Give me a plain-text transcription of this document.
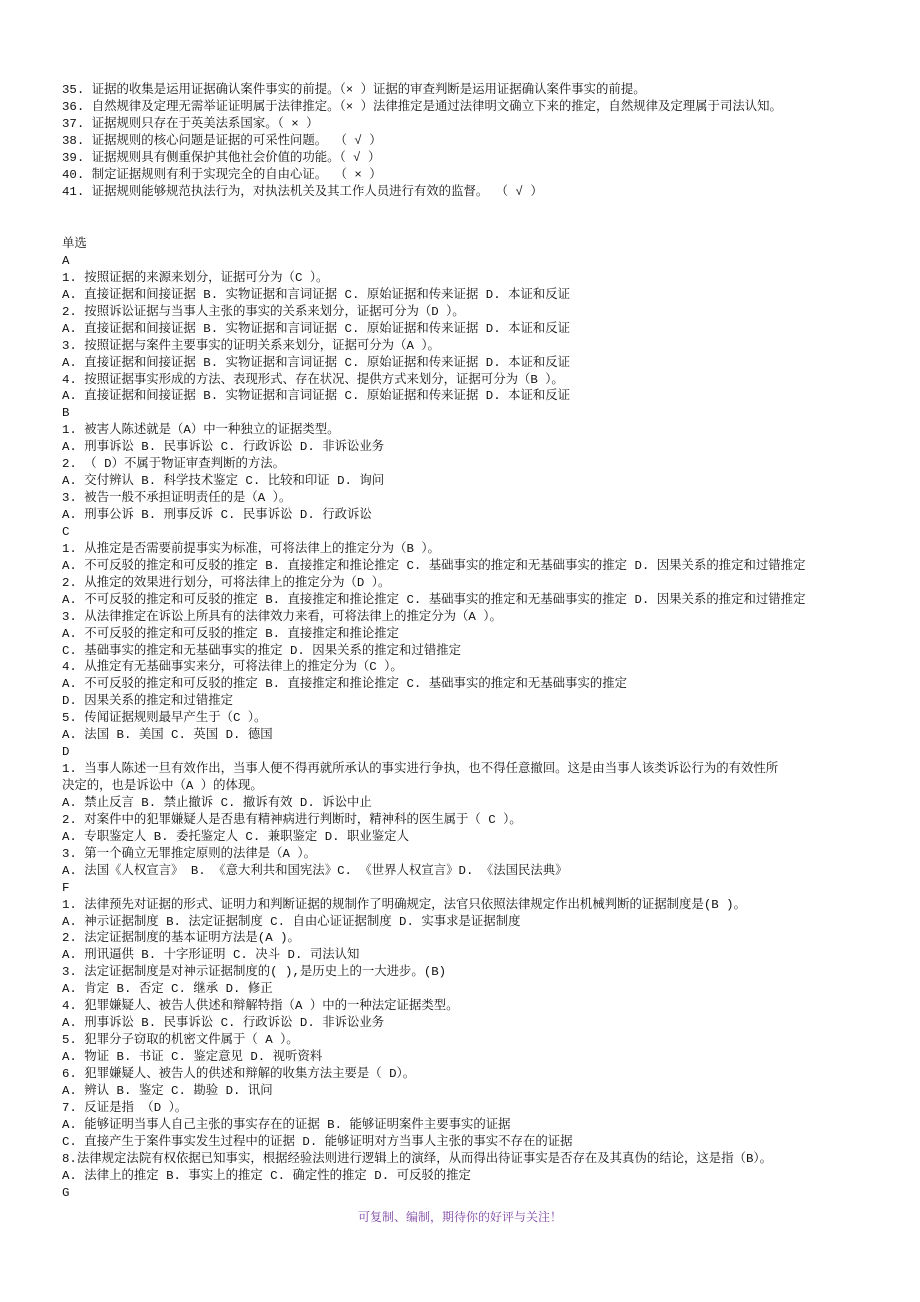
35. 证据的收集是运用证据确认案件事实的前提。（× ）证据的审查判断是运用证据确认案件事实的前提。
36. 自然规律及定理无需举证证明属于法律推定。（× ）法律推定是通过法律明文确立下来的推定，自然规律及定理属于司法认知。
37. 证据规则只存在于英美法系国家。（ × ）
38. 证据规则的核心问题是证据的可采性问题。 （ √ ）
39. 证据规则具有侧重保护其他社会价值的功能。（ √ ）
40. 制定证据规则有利于实现完全的自由心证。 （ × ）
41. 证据规则能够规范执法行为，对执法机关及其工作人员进行有效的监督。 （ √ ）
单选
A
1. 按照证据的来源来划分，证据可分为（C ）。
A. 直接证据和间接证据 B. 实物证据和言词证据 C. 原始证据和传来证据 D. 本证和反证
2. 按照诉讼证据与当事人主张的事实的关系来划分，证据可分为（D ）。
A. 直接证据和间接证据 B. 实物证据和言词证据 C. 原始证据和传来证据 D. 本证和反证
3. 按照证据与案件主要事实的证明关系来划分，证据可分为（A ）。
A. 直接证据和间接证据 B. 实物证据和言词证据 C. 原始证据和传来证据 D. 本证和反证
4. 按照证据事实形成的方法、表现形式、存在状况、提供方式来划分，证据可分为（B ）。
A. 直接证据和间接证据 B. 实物证据和言词证据 C. 原始证据和传来证据 D. 本证和反证
B
1. 被害人陈述就是（A）中一种独立的证据类型。
A. 刑事诉讼 B. 民事诉讼 C. 行政诉讼 D. 非诉讼业务
2. （ D）不属于物证审查判断的方法。
A. 交付辨认 B. 科学技术鉴定 C. 比较和印证 D. 询问
3. 被告一般不承担证明责任的是（A ）。
A. 刑事公诉 B. 刑事反诉 C. 民事诉讼 D. 行政诉讼
C
1. 从推定是否需要前提事实为标准，可将法律上的推定分为（B ）。
A. 不可反驳的推定和可反驳的推定 B. 直接推定和推论推定 C. 基础事实的推定和无基础事实的推定 D. 因果关系的推定和过错推定
2. 从推定的效果进行划分，可将法律上的推定分为（D ）。
A. 不可反驳的推定和可反驳的推定 B. 直接推定和推论推定 C. 基础事实的推定和无基础事实的推定 D. 因果关系的推定和过错推定
3. 从法律推定在诉讼上所具有的法律效力来看，可将法律上的推定分为（A ）。
A. 不可反驳的推定和可反驳的推定 B. 直接推定和推论推定
C. 基础事实的推定和无基础事实的推定 D. 因果关系的推定和过错推定
4. 从推定有无基础事实来分，可将法律上的推定分为（C ）。
A. 不可反驳的推定和可反驳的推定 B. 直接推定和推论推定 C. 基础事实的推定和无基础事实的推定
D. 因果关系的推定和过错推定
5. 传闻证据规则最早产生于（C ）。
A. 法国 B. 美国 C. 英国 D. 德国
D
1. 当事人陈述一旦有效作出，当事人便不得再就所承认的事实进行争执，也不得任意撤回。这是由当事人该类诉讼行为的有效性所
决定的，也是诉讼中（A ）的体现。
A. 禁止反言 B. 禁止撤诉 C. 撤诉有效 D. 诉讼中止
2. 对案件中的犯罪嫌疑人是否患有精神病进行判断时，精神科的医生属于（ C ）。
A. 专职鉴定人 B. 委托鉴定人 C. 兼职鉴定 D. 职业鉴定人
3. 第一个确立无罪推定原则的法律是（A ）。
A. 法国《人权宣言》 B. 《意大利共和国宪法》C. 《世界人权宣言》D. 《法国民法典》
F
1. 法律预先对证据的形式、证明力和判断证据的规制作了明确规定，法官只依照法律规定作出机械判断的证据制度是(B )。
A. 神示证据制度 B. 法定证据制度 C. 自由心证证据制度 D. 实事求是证据制度
2. 法定证据制度的基本证明方法是(A )。
A. 刑讯逼供 B. 十字形证明 C. 决斗 D. 司法认知
3. 法定证据制度是对神示证据制度的( ),是历史上的一大进步。(B)
A. 肯定 B. 否定 C. 继承 D. 修正
4. 犯罪嫌疑人、被告人供述和辩解特指（A ）中的一种法定证据类型。
A. 刑事诉讼 B. 民事诉讼 C. 行政诉讼 D. 非诉讼业务
5. 犯罪分子窃取的机密文件属于（ A ）。
A. 物证 B. 书证 C. 鉴定意见 D. 视听资料
6. 犯罪嫌疑人、被告人的供述和辩解的收集方法主要是（ D）。
A. 辨认 B. 鉴定 C. 勘验 D. 讯问
7. 反证是指 （D ）。
A. 能够证明当事人自己主张的事实存在的证据 B. 能够证明案件主要事实的证据
C. 直接产生于案件事实发生过程中的证据 D. 能够证明对方当事人主张的事实不存在的证据
8.法律规定法院有权依据已知事实，根据经验法则进行逻辑上的演绎，从而得出待证事实是否存在及其真伪的结论，这是指（B）。
A. 法律上的推定 B. 事实上的推定 C. 确定性的推定 D. 可反驳的推定
G
可复制、编制，期待你的好评与关注！
